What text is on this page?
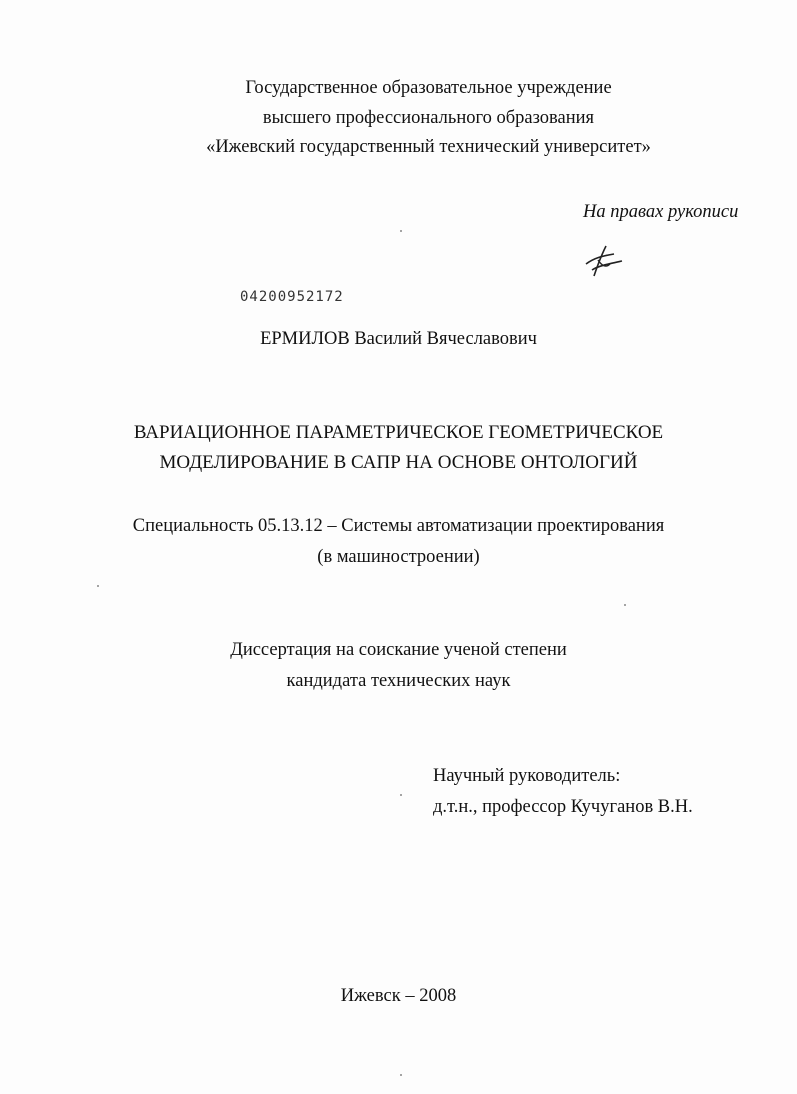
Государственное образовательное учреждение
высшего профессионального образования
«Ижевский государственный технический университет»
На правах рукописи
04200952172
ЕРМИЛОВ Василий Вячеславович
ВАРИАЦИОННОЕ ПАРАМЕТРИЧЕСКОЕ ГЕОМЕТРИЧЕСКОЕ
МОДЕЛИРОВАНИЕ В САПР НА ОСНОВЕ ОНТОЛОГИЙ
Специальность 05.13.12 – Системы автоматизации проектирования
(в машиностроении)
Диссертация на соискание ученой степени
кандидата технических наук
Научный руководитель:
д.т.н., профессор Кучуганов В.Н.
Ижевск – 2008
